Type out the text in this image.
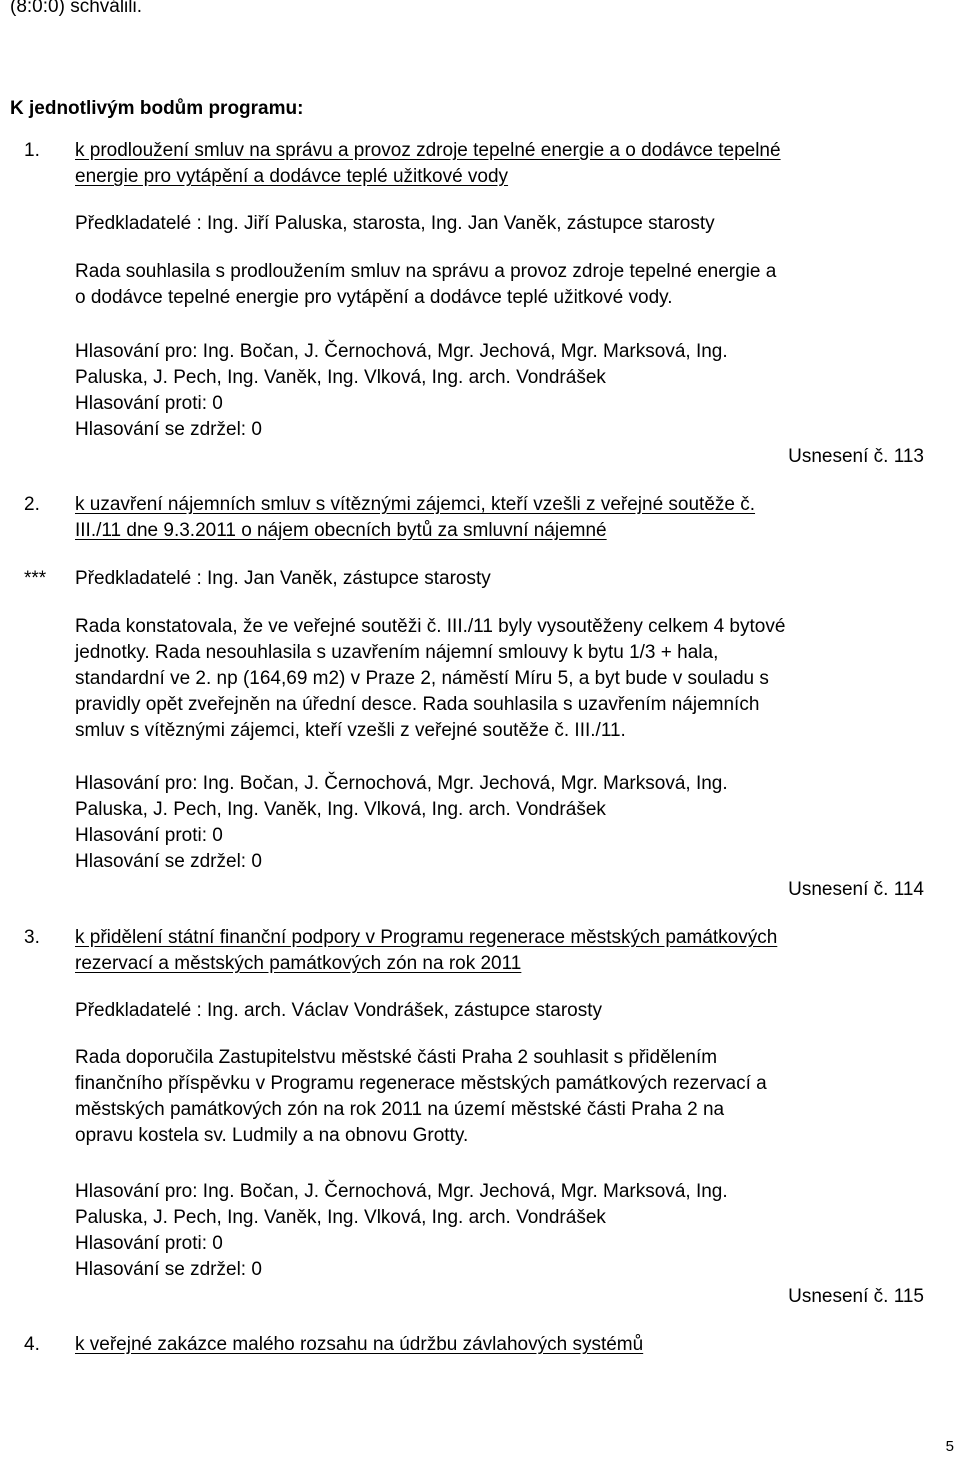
(8:0:0) schválili.
K jednotlivým bodům programu:
1. k prodloužení smluv na správu a provoz zdroje tepelné energie a o dodávce tepelné
energie pro vytápění a dodávce teplé užitkové vody
Předkladatelé : Ing. Jiří Paluska, starosta, Ing. Jan Vaněk, zástupce starosty
Rada souhlasila s prodloužením smluv na správu a provoz zdroje tepelné energie a
o dodávce tepelné energie pro vytápění a dodávce teplé užitkové vody.
Hlasování pro: Ing. Bočan, J. Černochová, Mgr. Jechová, Mgr. Marksová, Ing.
Paluska, J. Pech, Ing. Vaněk, Ing. Vlková, Ing. arch. Vondrášek
Hlasování proti: 0
Hlasování se zdržel: 0
Usnesení č. 113
2. k uzavření nájemních smluv s vítěznými zájemci, kteří vzešli z veřejné soutěže č.
III./11 dne 9.3.2011 o nájem obecních bytů za smluvní nájemné
*** Předkladatelé : Ing. Jan Vaněk, zástupce starosty
Rada konstatovala, že ve veřejné soutěži č. III./11 byly vysoutěženy celkem 4 bytové
jednotky. Rada nesouhlasila s uzavřením nájemní smlouvy k bytu 1/3 + hala,
standardní ve 2. np (164,69 m2) v Praze 2, náměstí Míru 5, a byt bude v souladu s
pravidly opět zveřejněn na úřední desce. Rada souhlasila s uzavřením nájemních
smluv s vítěznými zájemci, kteří vzešli z veřejné soutěže č. III./11.
Hlasování pro: Ing. Bočan, J. Černochová, Mgr. Jechová, Mgr. Marksová, Ing.
Paluska, J. Pech, Ing. Vaněk, Ing. Vlková, Ing. arch. Vondrášek
Hlasování proti: 0
Hlasování se zdržel: 0
Usnesení č. 114
3. k přidělení státní finanční podpory v Programu regenerace městských památkových
rezervací a městských památkových zón na rok 2011
Předkladatelé : Ing. arch. Václav Vondrášek, zástupce starosty
Rada doporučila Zastupitelstvu městské části Praha 2 souhlasit s přidělením
finančního příspěvku v Programu regenerace městských památkových rezervací a
městských památkových zón na rok 2011 na území městské části Praha 2 na
opravu kostela sv. Ludmily a na obnovu Grotty.
Hlasování pro: Ing. Bočan, J. Černochová, Mgr. Jechová, Mgr. Marksová, Ing.
Paluska, J. Pech, Ing. Vaněk, Ing. Vlková, Ing. arch. Vondrášek
Hlasování proti: 0
Hlasování se zdržel: 0
Usnesení č. 115
4. k veřejné zakázce malého rozsahu na údržbu závlahových systémů
5
